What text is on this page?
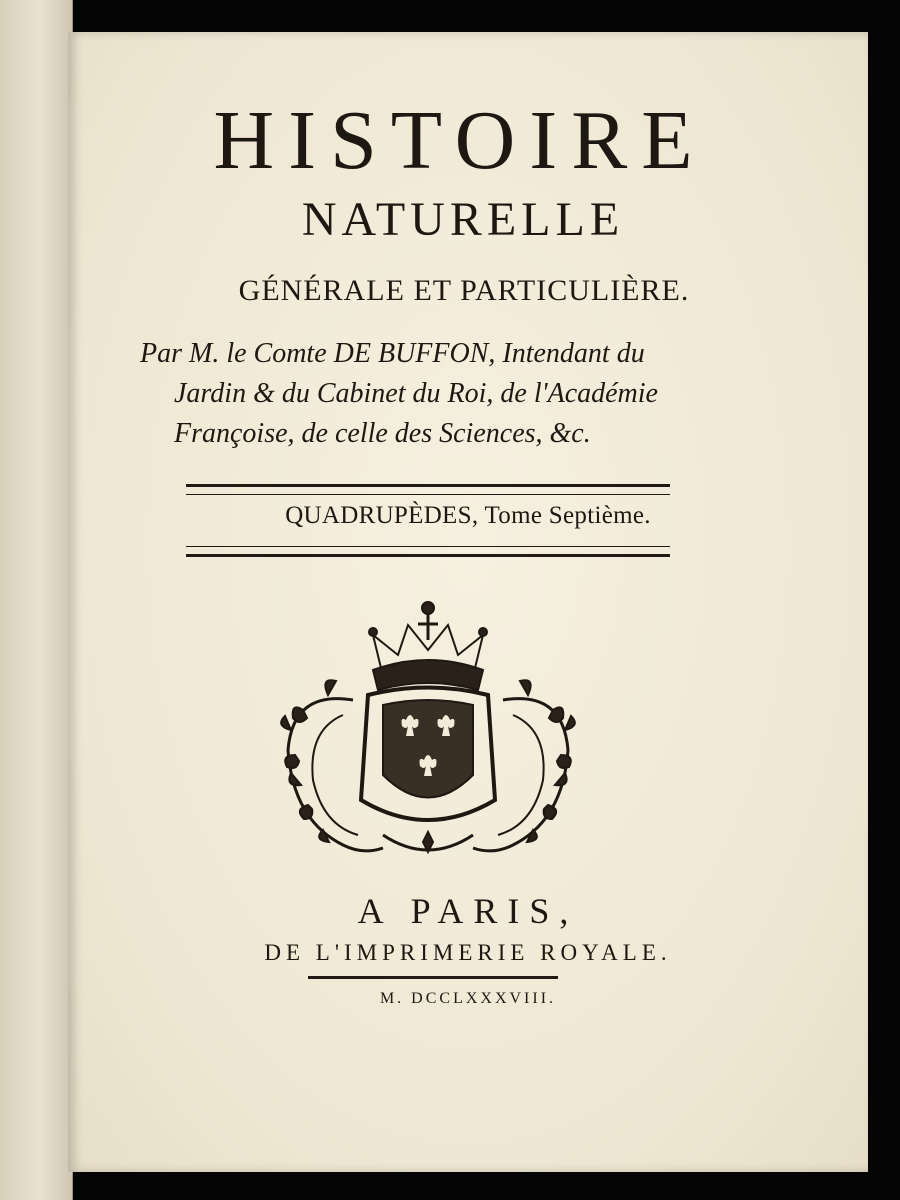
HISTOIRE
NATURELLE
GÉNÉRALE ET PARTICULIÈRE.
Par M. le Comte DE BUFFON, Intendant du
Jardin & du Cabinet du Roi, de l'Académie
Françoise, de celle des Sciences, &c.
QUADRUPÈDES, Tome Septième.
A PARIS,
DE L'IMPRIMERIE ROYALE.
M. DCCLXXXVIII.
